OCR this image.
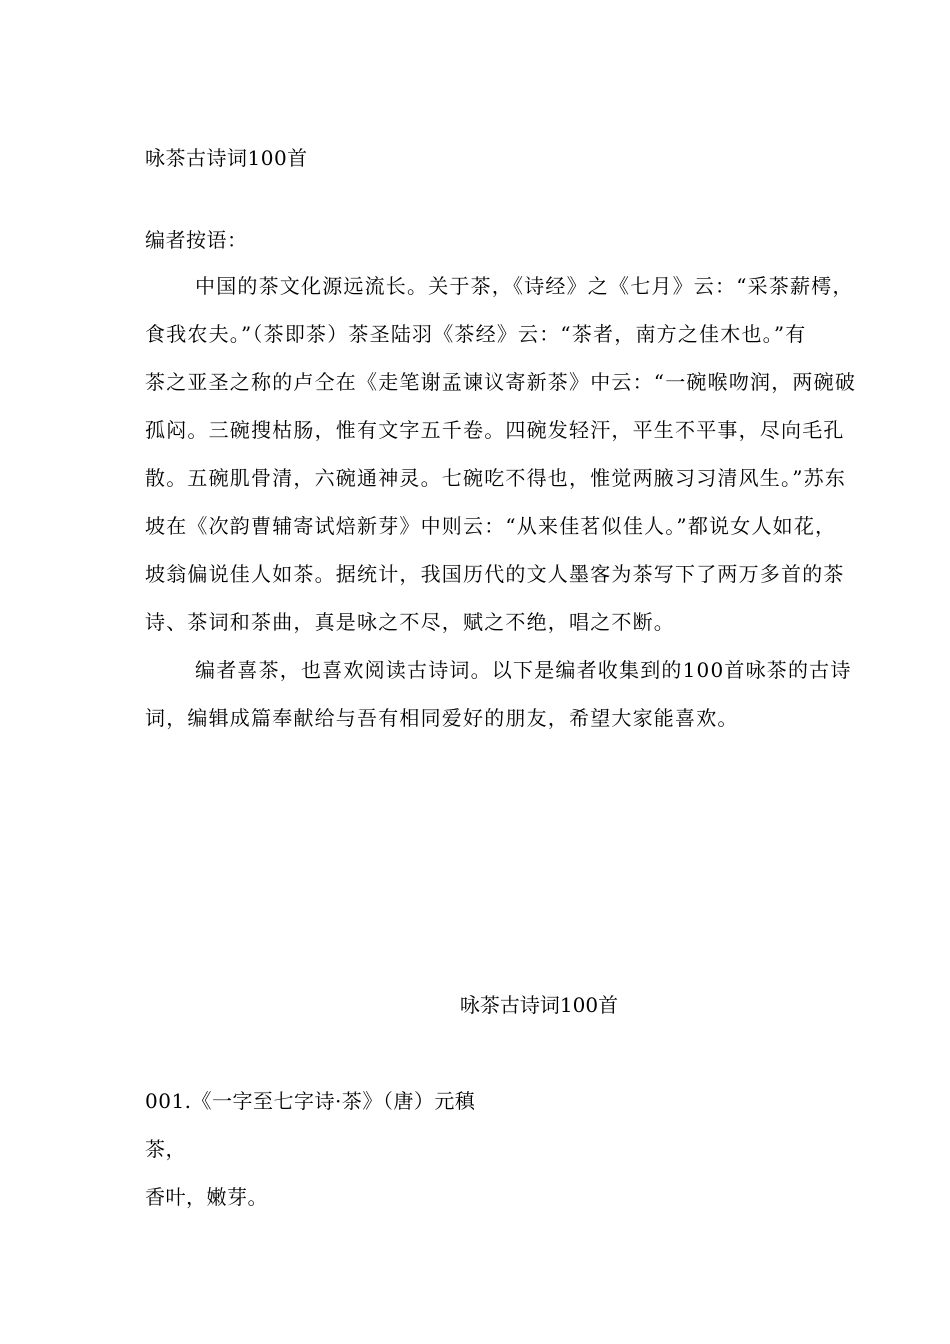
咏茶古诗词100首
编者按语：
中国的茶文化源远流长。关于茶，《诗经》之《七月》云：“采茶薪樗，
食我农夫。”（茶即茶）茶圣陆羽《茶经》云：“茶者，南方之佳木也。”有
茶之亚圣之称的卢仝在《走笔谢孟谏议寄新茶》中云：“一碗喉吻润，两碗破
孤闷。三碗搜枯肠，惟有文字五千卷。四碗发轻汗，平生不平事，尽向毛孔
散。五碗肌骨清，六碗通神灵。七碗吃不得也，惟觉两腋习习清风生。”苏东
坡在《次韵曹辅寄试焙新芽》中则云：“从来佳茗似佳人。”都说女人如花，
坡翁偏说佳人如茶。据统计，我国历代的文人墨客为茶写下了两万多首的茶
诗、茶词和茶曲，真是咏之不尽，赋之不绝，唱之不断。
编者喜茶，也喜欢阅读古诗词。以下是编者收集到的100首咏茶的古诗
词，编辑成篇奉献给与吾有相同爱好的朋友，希望大家能喜欢。
咏茶古诗词100首
001.《一字至七字诗·茶》（唐）元稹
茶，
香叶，嫩芽。
